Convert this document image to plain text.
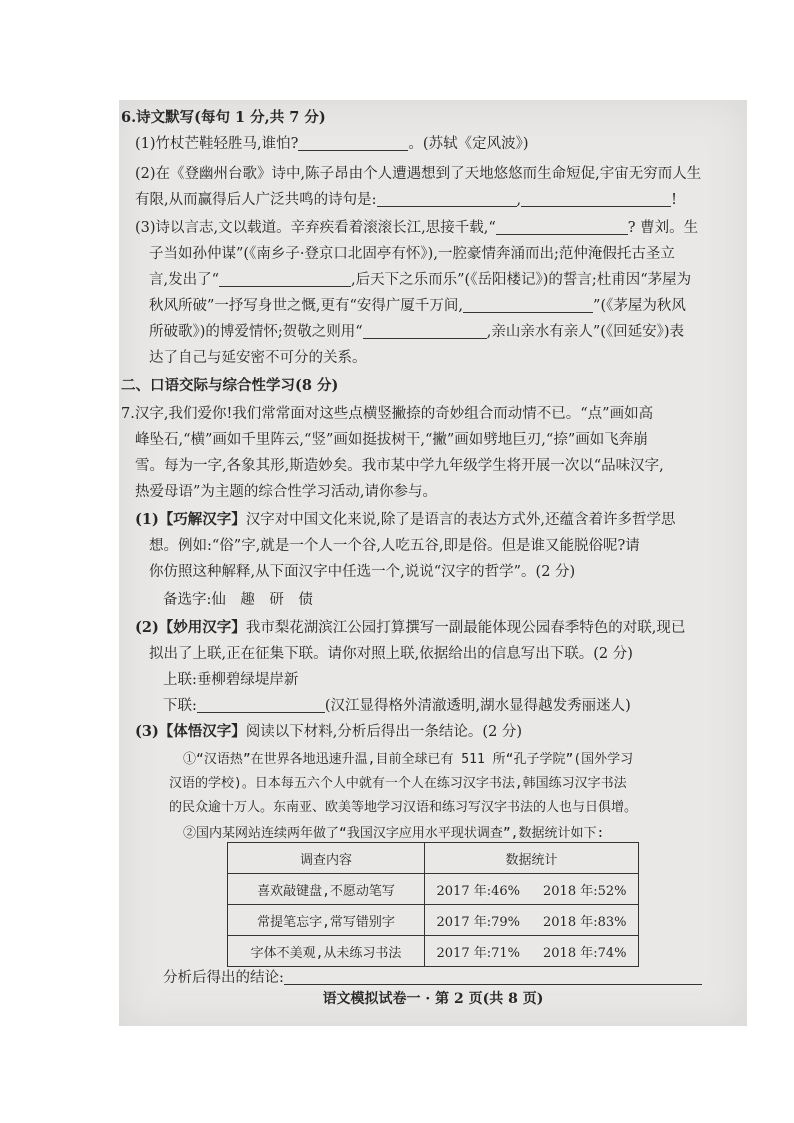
6.诗文默写(每句 1 分,共 7 分)
(1)竹杖芒鞋轻胜马,谁怕?	。(苏轼《定风波》)
(2)在《登幽州台歌》诗中,陈子昂由个人遭遇想到了天地悠悠而生命短促,宇宙无穷而人生
有限,从而赢得后人广泛共鸣的诗句是:	,	!
(3)诗以言志,文以载道。辛弃疾看着滚滚长江,思接千载,“	? 曹刘。生
子当如孙仲谋”(《南乡子·登京口北固亭有怀》),一腔豪情奔涌而出;范仲淹假托古圣立
言,发出了“	,后天下之乐而乐”(《岳阳楼记》)的誓言;杜甫因“茅屋为
秋风所破”一抒写身世之慨,更有“安得广厦千万间,	”(《茅屋为秋风
所破歌》)的博爱情怀;贺敬之则用“	,亲山亲水有亲人”(《回延安》)表
达了自己与延安密不可分的关系。
二、口语交际与综合性学习(8 分)
7.汉字,我们爱你!我们常常面对这些点横竖撇捺的奇妙组合而动情不已。“点”画如高
峰坠石,“横”画如千里阵云,“竖”画如挺拔树干,“撇”画如劈地巨刃,“捺”画如飞奔崩
雪。每为一字,各象其形,斯造妙矣。我市某中学九年级学生将开展一次以“品味汉字,
热爱母语”为主题的综合性学习活动,请你参与。
(1)【巧解汉字】汉字对中国文化来说,除了是语言的表达方式外,还蕴含着许多哲学思
想。例如:“俗”字,就是一个人一个谷,人吃五谷,即是俗。但是谁又能脱俗呢?请
你仿照这种解释,从下面汉字中任选一个,说说“汉字的哲学”。(2 分)
备选字:仙　趣　研　债
(2)【妙用汉字】我市梨花湖滨江公园打算撰写一副最能体现公园春季特色的对联,现已
拟出了上联,正在征集下联。请你对照上联,依据给出的信息写出下联。(2 分)
上联:垂柳碧绿堤岸新
下联:	(汉江显得格外清澈透明,湖水显得越发秀丽迷人)
(3)【体悟汉字】阅读以下材料,分析后得出一条结论。(2 分)
①“汉语热”在世界各地迅速升温,目前全球已有 511 所“孔子学院”(国外学习
汉语的学校)。日本每五六个人中就有一个人在练习汉字书法,韩国练习汉字书法
的民众逾十万人。东南亚、欧美等地学习汉语和练习写汉字书法的人也与日俱增。
②国内某网站连续两年做了“我国汉字应用水平现状调查”,数据统计如下:
调查内容	数据统计	
喜欢敲键盘,不愿动笔写	2017 年:46%	2018 年:52%
常提笔忘字,常写错别字	2017 年:79%	2018 年:83%
字体不美观,从未练习书法	2017 年:71%	2018 年:74%
分析后得出的结论:
语文模拟试卷一 · 第 2 页(共 8 页)
